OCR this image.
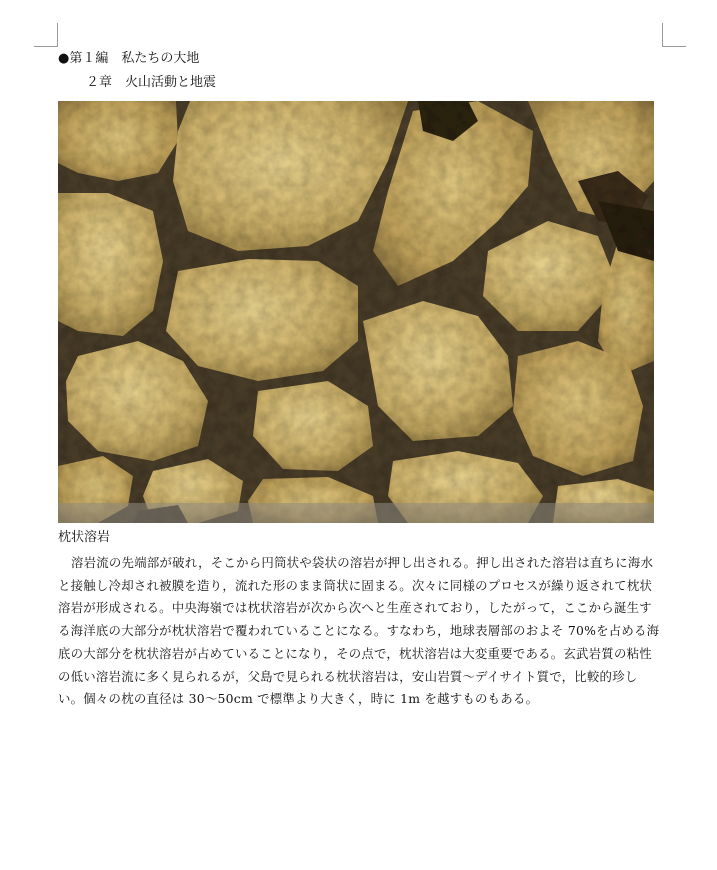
●第１編　私たちの大地
２章　火山活動と地震
枕状溶岩

溶岩流の先端部が破れ，そこから円筒状や袋状の溶岩が押し出される。押し出された溶岩は直ちに海水と接触し冷却され被膜を造り，流れた形のまま筒状に固まる。次々に同様のプロセスが繰り返されて枕状溶岩が形成される。中央海嶺では枕状溶岩が次から次へと生産されており，したがって，ここから誕生する海洋底の大部分が枕状溶岩で覆われていることになる。すなわち，地球表層部のおよそ 70%を占める海底の大部分を枕状溶岩が占めていることになり，その点で，枕状溶岩は大変重要である。玄武岩質の粘性の低い溶岩流に多く見られるが，父島で見られる枕状溶岩は，安山岩質～デイサイト質で，比較的珍しい。個々の枕の直径は 30～50cm で標準より大きく，時に 1m を越すものもある。
